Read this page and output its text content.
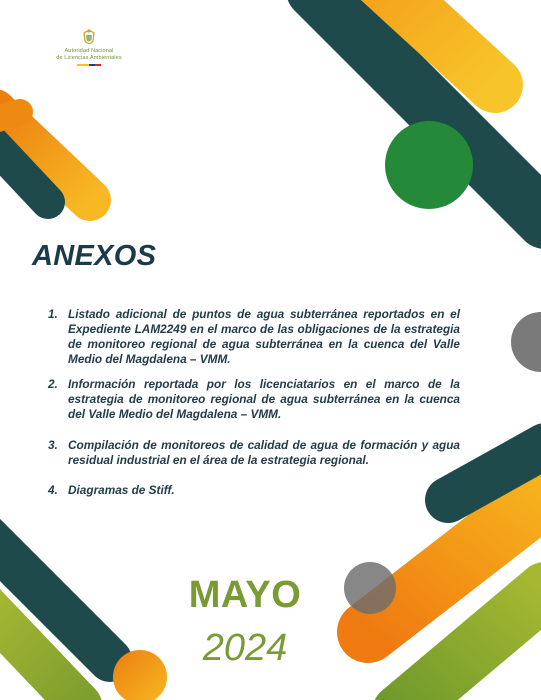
Autoridad Nacional
de Licencias Ambientales
ANEXOS
1. Listado adicional de puntos de agua subterránea reportados en el Expediente LAM2249 en el marco de las obligaciones de la estrategia de monitoreo regional de agua subterránea en la cuenca del Valle Medio del Magdalena – VMM.
2. Información reportada por los licenciatarios en el marco de la estrategia de monitoreo regional de agua subterránea en la cuenca del Valle Medio del Magdalena – VMM.
3. Compilación de monitoreos de calidad de agua de formación y agua residual industrial en el área de la estrategia regional.
4. Diagramas de Stiff.

MAYO

2024
